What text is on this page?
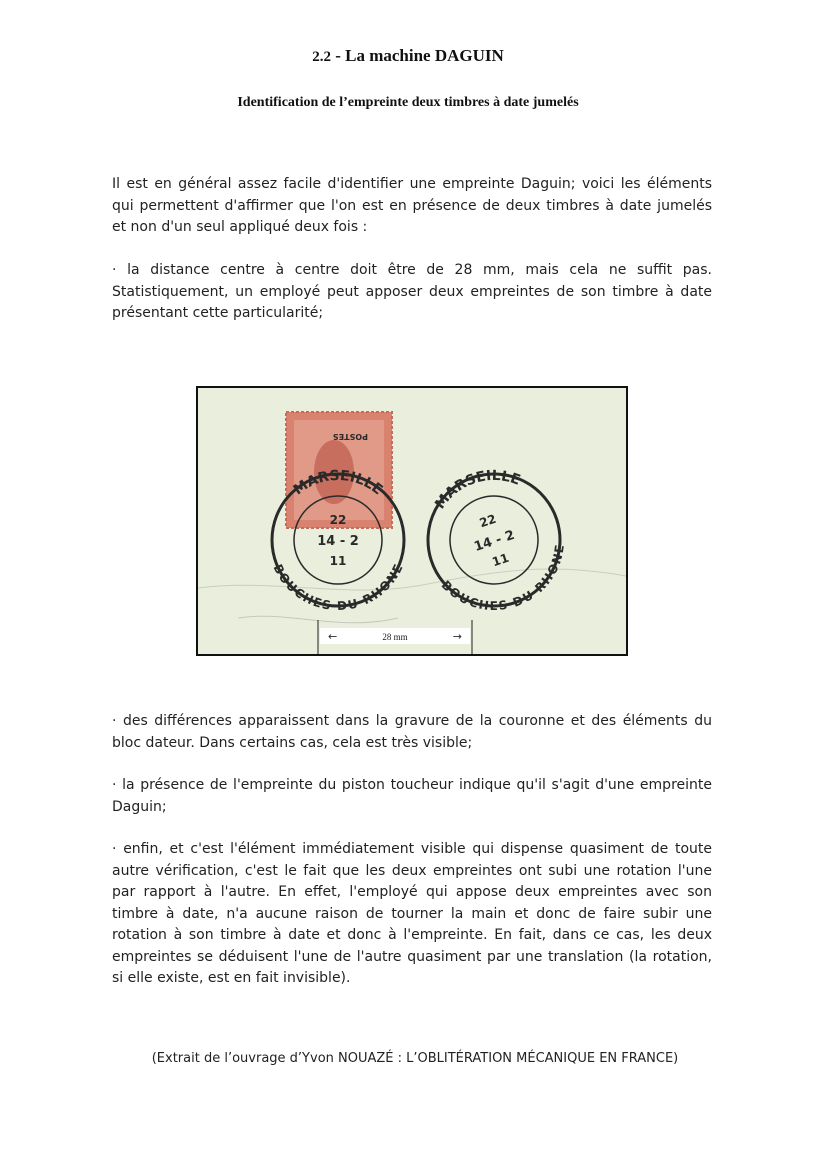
2.2 - La machine DAGUIN
Identification de l’empreinte deux timbres à date jumelés
Il est en général assez facile d'identifier une empreinte Daguin; voici les éléments qui permettent d'affirmer que l'on est en présence de deux timbres à date jumelés et non d'un seul appliqué deux fois :
· la distance centre à centre doit être de 28 mm, mais cela ne suffit pas. Statistiquement, un employé peut apposer deux empreintes de son timbre à date présentant cette particularité;
POSTES
MARSEILLE
BOUCHES-DU-RHONE
22
14 - 2
11
MARSEILLE
BOUCHES-DU-RHONE
22
14 - 2
11
←	28 mm	→
· des différences apparaissent dans la gravure de la couronne et des éléments du bloc dateur. Dans certains cas, cela est très visible;
· la présence de l'empreinte du piston toucheur indique qu'il s'agit d'une empreinte Daguin;
· enfin, et c'est l'élément immédiatement visible qui dispense quasiment de toute autre vérification, c'est le fait que les deux empreintes ont subi une rotation l'une par rapport à l'autre. En effet, l'employé qui appose deux empreintes avec son timbre à date, n'a aucune raison de tourner la main et donc de faire subir une rotation à son timbre à date et donc à l'empreinte. En fait, dans ce cas, les deux empreintes se déduisent l'une de l'autre quasiment par une translation (la rotation, si elle existe, est en fait invisible).
(Extrait de l’ouvrage d’Yvon NOUAZÉ : L’OBLITÉRATION MÉCANIQUE EN FRANCE)
